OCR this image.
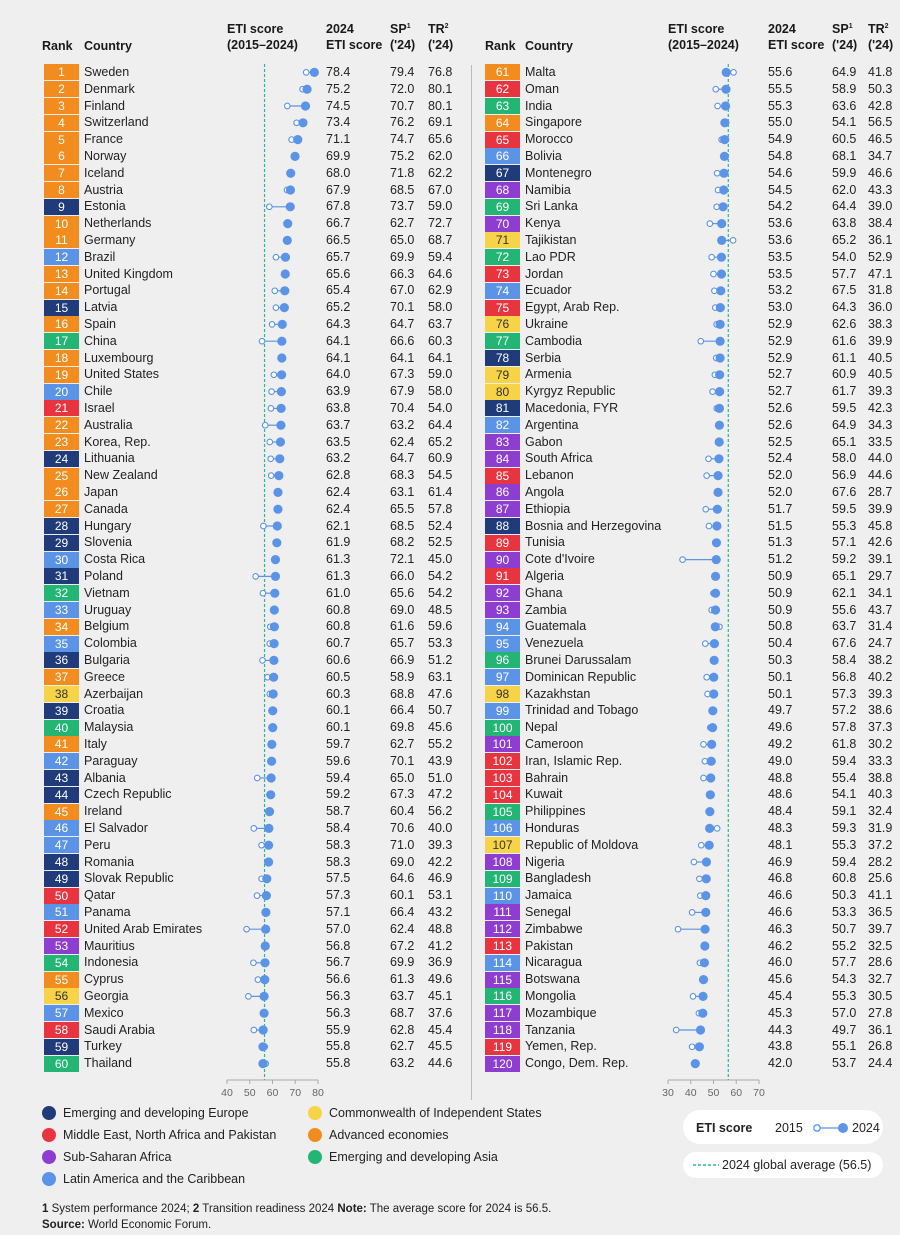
Rank Country
ETI score
(2015–2024)
2024
ETI score
$SP^1$
('24)
$TR^2$
('24)	Rank Country
ETI score
(2015–2024)
2024
ETI score
$SP^1$
('24)
$TR^2$
('24)
1	Sweden	78.4	79.4 76.8
2	Denmark	75.2	72.0 80.1
3	Finland	74.5	70.7 80.1
4	Switzerland	73.4	76.2 69.1
5	France	71.1	74.7 65.6
6	Norway	69.9	75.2 62.0
7	Iceland	68.0	71.8 62.2
8	Austria	67.9	68.5 67.0
9	Estonia	67.8	73.7 59.0
10	Netherlands	66.7	62.7 72.7
11	Germany	66.5	65.0 68.7
12	Brazil	65.7	69.9 59.4
13	United Kingdom	65.6	66.3 64.6
14	Portugal	65.4	67.0 62.9
15	Latvia	65.2	70.1 58.0
16	Spain	64.3	64.7 63.7
17	China	64.1	66.6 60.3
18	Luxembourg	64.1	64.1 64.1
19	United States	64.0	67.3 59.0
20	Chile	63.9	67.9 58.0
21	Israel	63.8	70.4 54.0
22	Australia	63.7	63.2 64.4
23	Korea, Rep.	63.5	62.4 65.2
24	Lithuania	63.2	64.7 60.9
25	New Zealand	62.8	68.3 54.5
26	Japan	62.4	63.1 61.4
27	Canada	62.4	65.5 57.8
28	Hungary	62.1	68.5 52.4
29	Slovenia	61.9	68.2 52.5
30	Costa Rica	61.3	72.1 45.0
31	Poland	61.3	66.0 54.2
32	Vietnam	61.0	65.6 54.2
33	Uruguay	60.8	69.0 48.5
34	Belgium	60.8	61.6 59.6
35	Colombia	60.7	65.7 53.3
36	Bulgaria	60.6	66.9 51.2
37	Greece	60.5	58.9 63.1
38	Azerbaijan	60.3	68.8 47.6
39	Croatia	60.1	66.4 50.7
40	Malaysia	60.1	69.8 45.6
41	Italy	59.7	62.7 55.2
42	Paraguay	59.6	70.1 43.9
43	Albania	59.4	65.0 51.0
44	Czech Republic	59.2	67.3 47.2
45	Ireland	58.7	60.4 56.2
46	El Salvador	58.4	70.6 40.0
47	Peru	58.3	71.0 39.3
48	Romania	58.3	69.0 42.2
49	Slovak Republic	57.5	64.6 46.9
50	Qatar	57.3	60.1 53.1
51	Panama	57.1	66.4 43.2
52	United Arab Emirates	57.0	62.4 48.8
53	Mauritius	56.8	67.2 41.2
54	Indonesia	56.7	69.9 36.9
55	Cyprus	56.6	61.3 49.6
56	Georgia	56.3	63.7 45.1
57	Mexico	56.3	68.7 37.6
58	Saudi Arabia	55.9	62.8 45.4
59	Turkey	55.8	62.7 45.5
60	Thailand	55.8	63.2 44.6
61	Malta	55.6	64.9 41.8
62	Oman	55.5	58.9 50.3
63	India	55.3	63.6 42.8
64	Singapore	55.0	54.1 56.5
65	Morocco	54.9	60.5 46.5
66	Bolivia	54.8	68.1 34.7
67	Montenegro	54.6	59.9 46.6
68	Namibia	54.5	62.0 43.3
69	Sri Lanka	54.2	64.4 39.0
70	Kenya	53.6	63.8 38.4
71	Tajikistan	53.6	65.2 36.1
72	Lao PDR	53.5	54.0 52.9
73	Jordan	53.5	57.7 47.1
74	Ecuador	53.2	67.5 31.8
75	Egypt, Arab Rep.	53.0	64.3 36.0
76	Ukraine	52.9	62.6 38.3
77	Cambodia	52.9	61.6 39.9
78	Serbia	52.9	61.1 40.5
79	Armenia	52.7	60.9 40.5
80	Kyrgyz Republic	52.7	61.7 39.3
81	Macedonia, FYR	52.6	59.5 42.3
82	Argentina	52.6	64.9 34.3
83	Gabon	52.5	65.1 33.5
84	South Africa	52.4	58.0 44.0
85	Lebanon	52.0	56.9 44.6
86	Angola	52.0	67.6 28.7
87	Ethiopia	51.7	59.5 39.9
88	Bosnia and Herzegovina	51.5	55.3 45.8
89	Tunisia	51.3	57.1 42.6
90	Cote d'Ivoire	51.2	59.2 39.1
91	Algeria	50.9	65.1 29.7
92	Ghana	50.9	62.1 34.1
93	Zambia	50.9	55.6 43.7
94	Guatemala	50.8	63.7 31.4
95	Venezuela	50.4	67.6 24.7
96	Brunei Darussalam	50.3	58.4 38.2
97	Dominican Republic	50.1	56.8 40.2
98	Kazakhstan	50.1	57.3 39.3
99	Trinidad and Tobago	49.7	57.2 38.6
100 Nepal	49.6	57.8 37.3
101 Cameroon	49.2	61.8 30.2
102 Iran, Islamic Rep.	49.0	59.4 33.3
103 Bahrain	48.8	55.4 38.8
104 Kuwait	48.6	54.1 40.3
105 Philippines	48.4	59.1 32.4
106 Honduras	48.3	59.3 31.9
107 Republic of Moldova	48.1	55.3 37.2
108 Nigeria	46.9	59.4 28.2
109 Bangladesh	46.8	60.8 25.6
110	Jamaica	46.6	50.3 41.1
111	Senegal	46.6	53.3 36.5
112	Zimbabwe	46.3	50.7 39.7
113	Pakistan	46.2	55.2 32.5
114	Nicaragua	46.0	57.7 28.6
115	Botswana	45.6	54.3 32.7
116	Mongolia	45.4	55.3 30.5
117	Mozambique	45.3	57.0 27.8
118	Tanzania	44.3	49.7 36.1
119	Yemen, Rep.	43.8	55.1 26.8
120 Congo, Dem. Rep.	42.0	53.7 24.4
40 50 60 70 80	30 40 50 60 70
Emerging and developing Europe
Middle East, North Africa and Pakistan
Sub-Saharan Africa
Latin America and the Caribbean
Commonwealth of Independent States
Advanced economies
Emerging and developing Asia
ETI score 2015	2024
2024 global average (56.5)
1 System performance 2024; 2 Transition readiness 2024 Note: The average score for 2024 is 56.5.
Source: World Economic Forum.
